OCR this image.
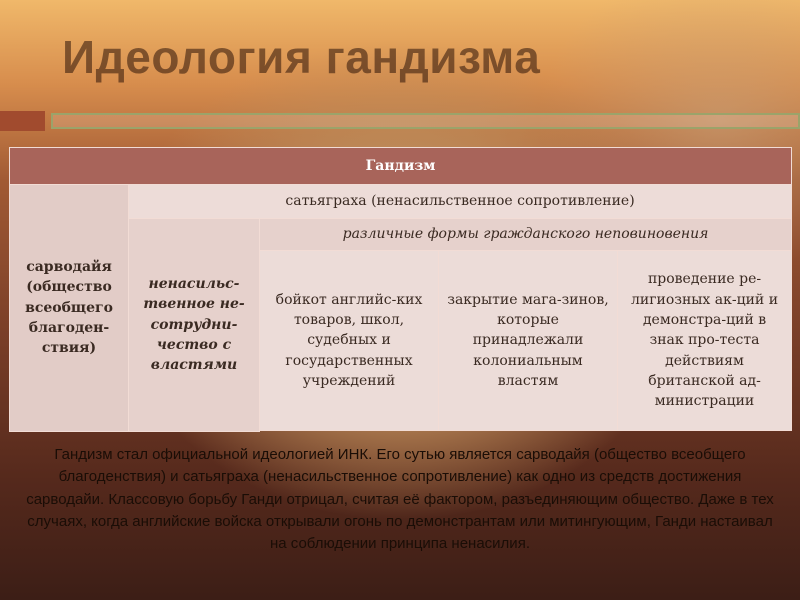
Идеология гандизма
Гандизм				
сарводайя (общество всеобщего благоден-ствия)	сатьяграха (ненасильственное сопротивление)			
	ненасильс-твенное не-сотрудни-чество с властями	различные формы гражданского неповиновения		
		бойкот английс-ких товаров, школ, судебных и государственных учреждений	закрытие мага-зинов, которые принадлежали колониальным властям	проведение ре-лигиозных ак-ций и демонстра-ций в знак про-теста действиям британской ад-министрации

Гандизм стал официальной идеологией ИНК. Его сутью является сарводайя (общество всеобщего благоденствия) и сатьяграха (ненасильственное сопротивление) как одно из средств достижения сарводайи. Классовую борьбу Ганди отрицал, считая её фактором, разъединяющим общество. Даже в тех случаях, когда английские войска открывали огонь по демонстрантам или митингующим, Ганди настаивал на соблюдении принципа ненасилия.
